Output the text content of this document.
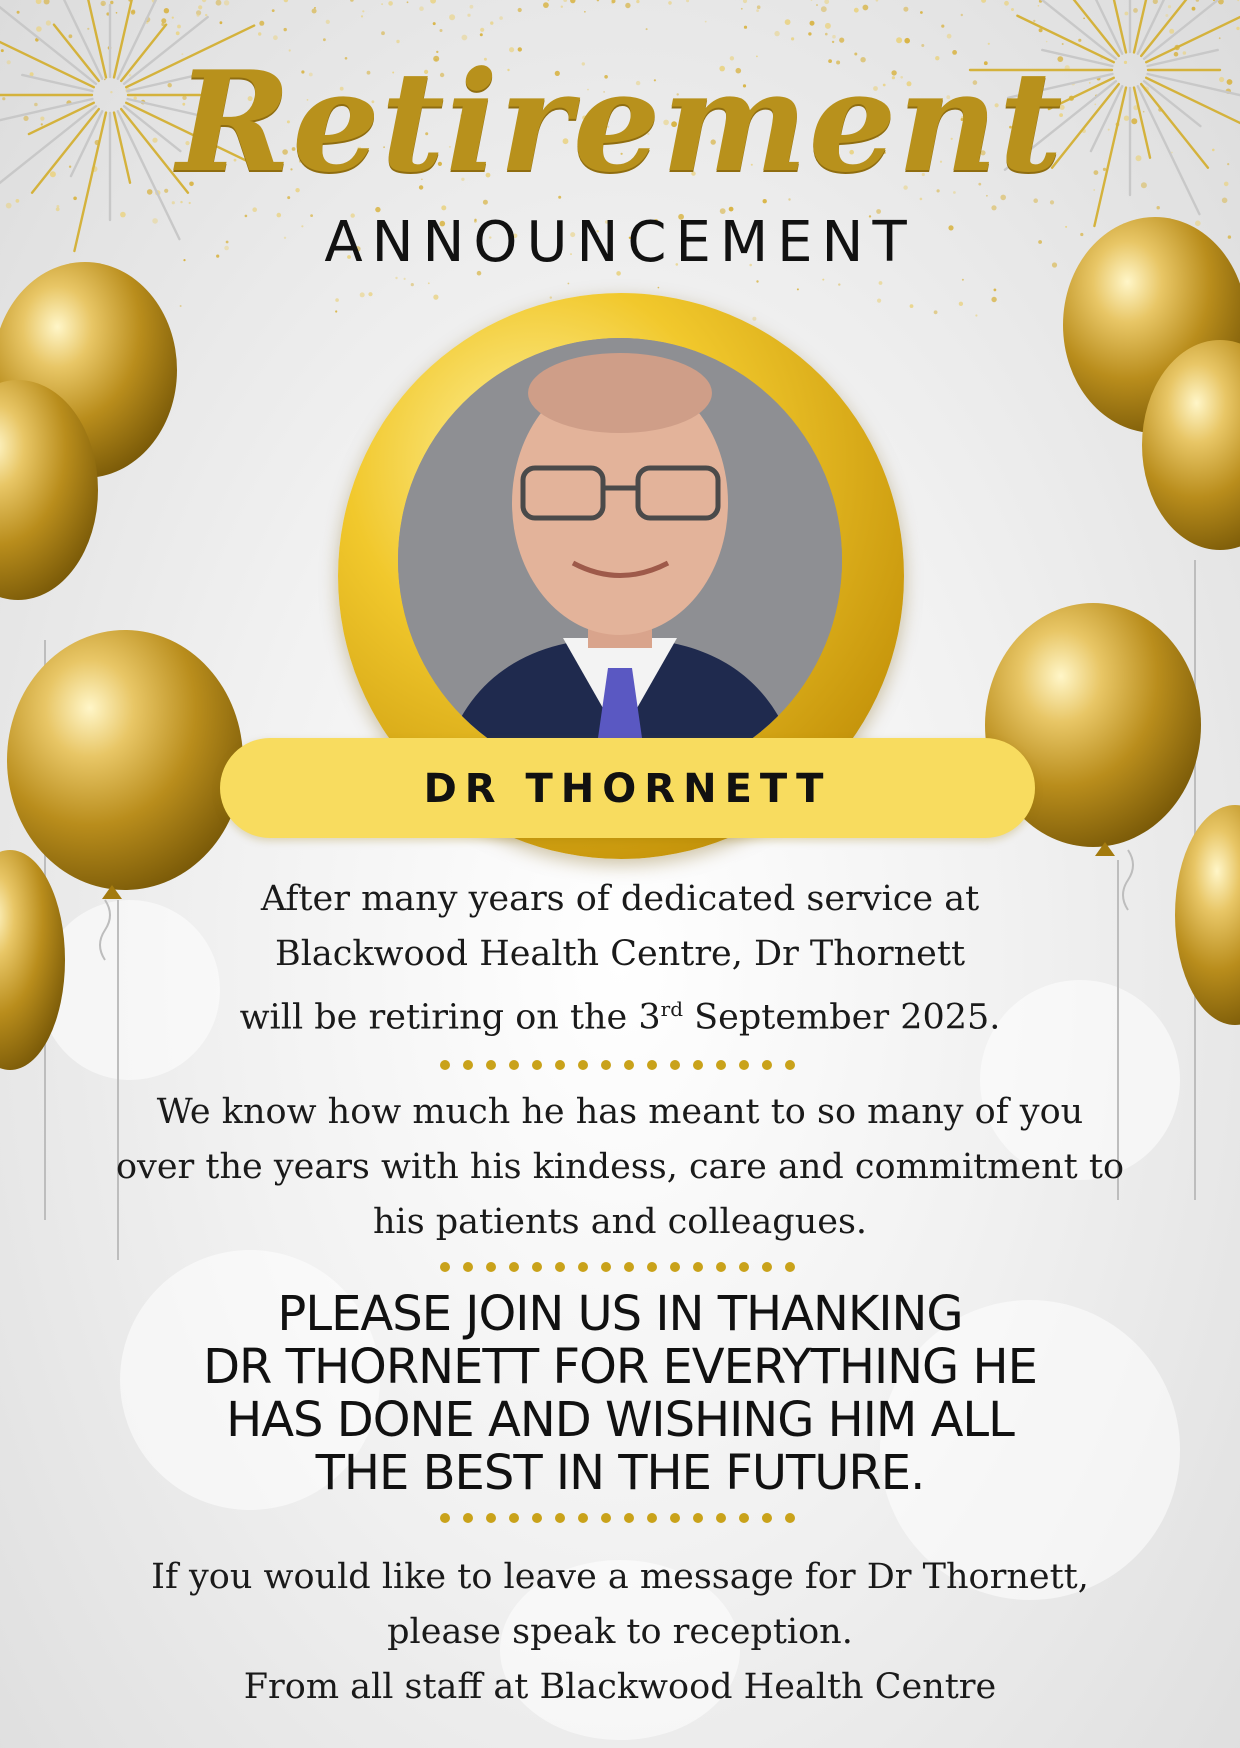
Retirement
ANNOUNCEMENT
DR THORNETT
After many years of dedicated service at
Blackwood Health Centre, Dr Thornett
will be retiring on the 3rd September 2025.
We know how much he has meant to so many of you
over the years with his kindess, care and commitment to
his patients and colleagues.
PLEASE JOIN US IN THANKING
DR THORNETT FOR EVERYTHING HE
HAS DONE AND WISHING HIM ALL
THE BEST IN THE FUTURE.
If you would like to leave a message for Dr Thornett,
please speak to reception.
From all staff at Blackwood Health Centre
